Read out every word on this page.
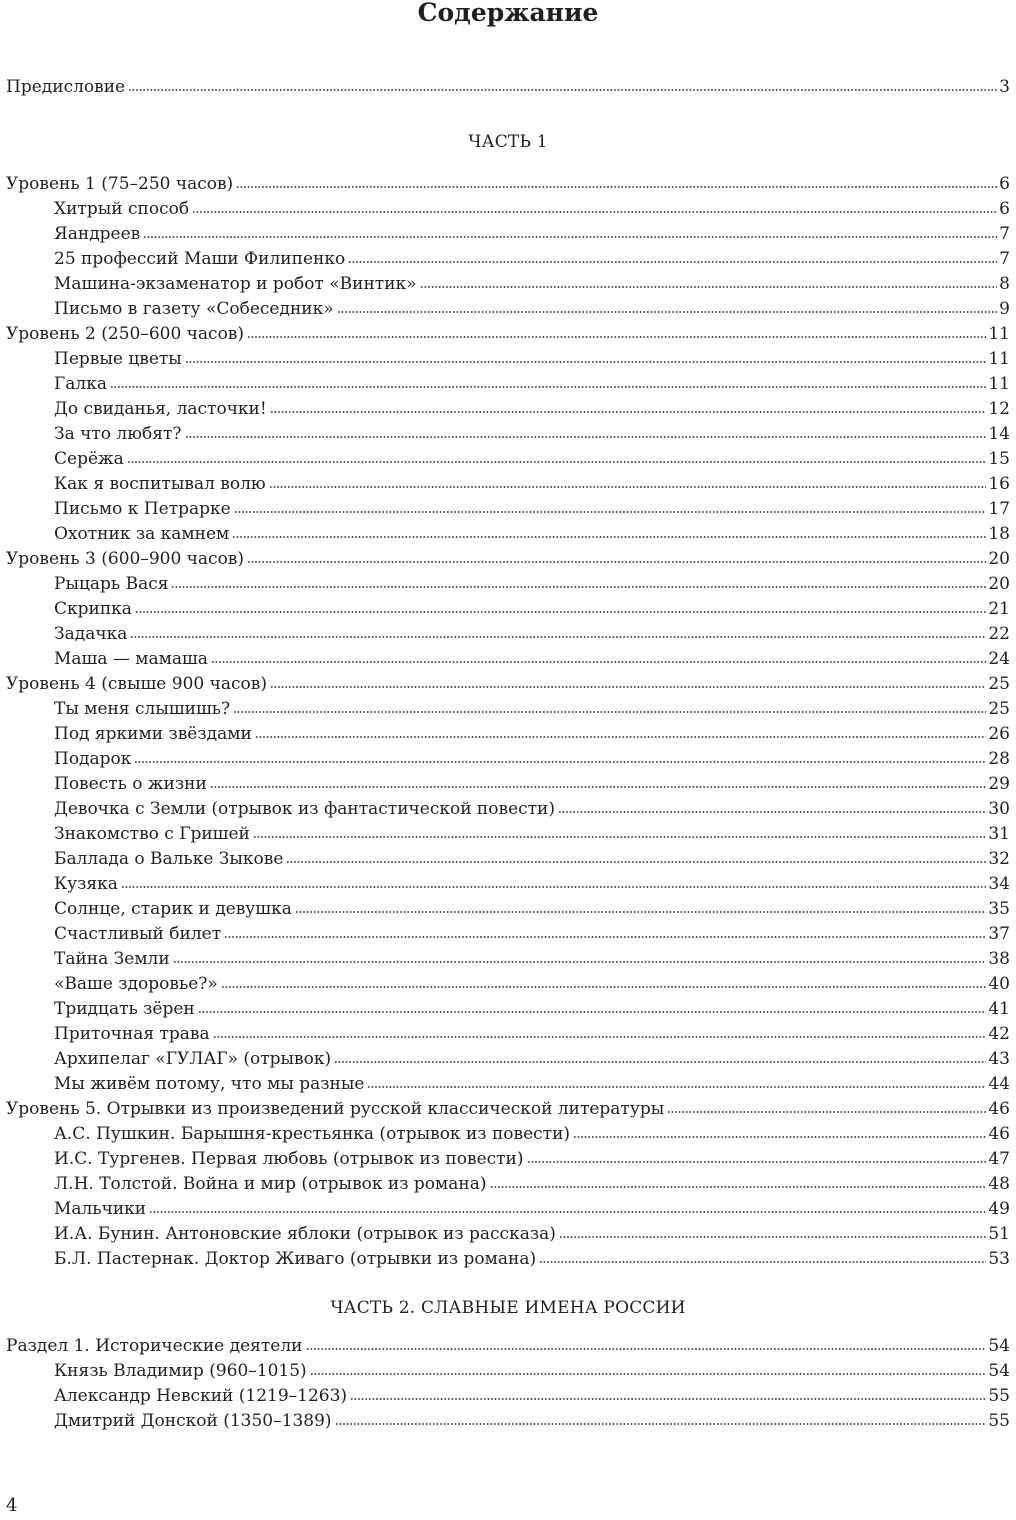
Содержание
Предисловие	3
ЧАСТЬ 1
Уровень 1 (75–250 часов)	6
Хитрый способ	6
Яандреев	7
25 профессий Маши Филипенко	7
Машина-экзаменатор и робот «Винтик»	8
Письмо в газету «Собеседник»	9
Уровень 2 (250–600 часов)	11
Первые цветы	11
Галка	11
До свиданья, ласточки!	12
За что любят?	14
Серёжа	15
Как я воспитывал волю	16
Письмо к Петрарке	17
Охотник за камнем	18
Уровень 3 (600–900 часов)	20
Рыцарь Вася	20
Скрипка	21
Задачка	22
Маша — мамаша	24
Уровень 4 (свыше 900 часов)	25
Ты меня слышишь?	25
Под яркими звёздами	26
Подарок	28
Повесть о жизни	29
Девочка с Земли (отрывок из фантастической повести)	30
Знакомство с Гришей	31
Баллада о Вальке Зыкове	32
Кузяка	34
Солнце, старик и девушка	35
Счастливый билет	37
Тайна Земли	38
«Ваше здоровье?»	40
Тридцать зёрен	41
Приточная трава	42
Архипелаг «ГУЛАГ» (отрывок)	43
Мы живём потому, что мы разные	44
Уровень 5. Отрывки из произведений русской классической литературы	46
А.С. Пушкин. Барышня-крестьянка (отрывок из повести)	46
И.С. Тургенев. Первая любовь (отрывок из повести)	47
Л.Н. Толстой. Война и мир (отрывок из романа)	48
Мальчики	49
И.А. Бунин. Антоновские яблоки (отрывок из рассказа)	51
Б.Л. Пастернак. Доктор Живаго (отрывки из романа)	53
ЧАСТЬ 2. СЛАВНЫЕ ИМЕНА РОССИИ
Раздел 1. Исторические деятели	54
Князь Владимир (960–1015)	54
Александр Невский (1219–1263)	55
Дмитрий Донской (1350–1389)	55
4
